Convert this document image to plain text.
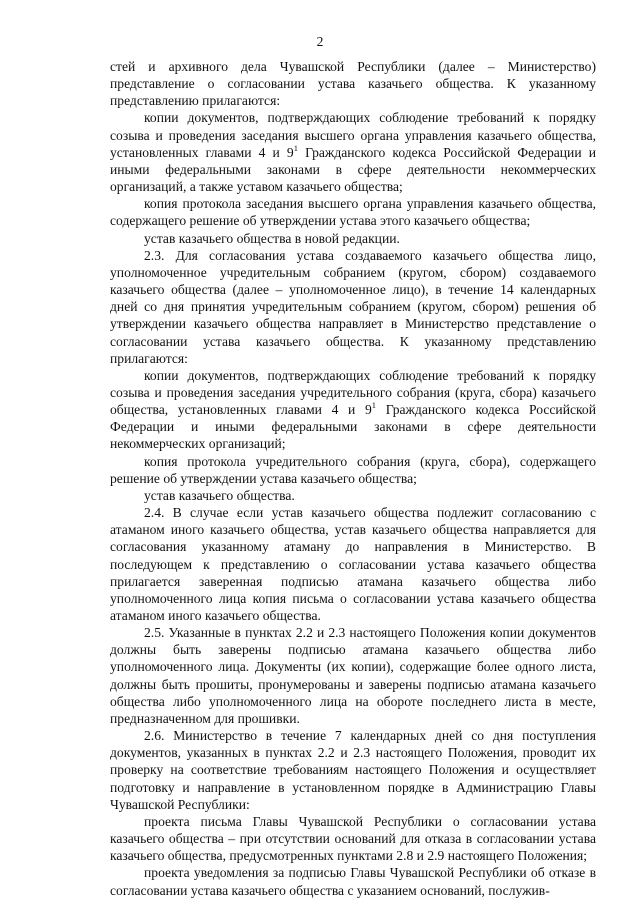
2

стей и архивного дела Чувашской Республики (далее – Министерство) представление о согласовании устава казачьего общества. К указанному представлению прилагаются:

копии документов, подтверждающих соблюдение требований к порядку созыва и проведения заседания высшего органа управления казачьего общества, установленных главами 4 и $9^1$ Гражданского кодекса Российской Федерации и иными федеральными законами в сфере деятельности некоммерческих организаций, а также уставом казачьего общества;

копия протокола заседания высшего органа управления казачьего общества, содержащего решение об утверждении устава этого казачьего общества;

устав казачьего общества в новой редакции.

2.3. Для согласования устава создаваемого казачьего общества лицо, уполномоченное учредительным собранием (кругом, сбором) создаваемого казачьего общества (далее – уполномоченное лицо), в течение 14 календарных дней со дня принятия учредительным собранием (кругом, сбором) решения об утверждении казачьего общества направляет в Министерство представление о согласовании устава казачьего общества. К указанному представлению прилагаются:

копии документов, подтверждающих соблюдение требований к порядку созыва и проведения заседания учредительного собрания (круга, сбора) казачьего общества, установленных главами 4 и $9^1$ Гражданского кодекса Российской Федерации и иными федеральными законами в сфере деятельности некоммерческих организаций;

копия протокола учредительного собрания (круга, сбора), содержащего решение об утверждении устава казачьего общества;

устав казачьего общества.

2.4. В случае если устав казачьего общества подлежит согласованию с атаманом иного казачьего общества, устав казачьего общества направляется для согласования указанному атаману до направления в Министерство. В последующем к представлению о согласовании устава казачьего общества прилагается заверенная подписью атамана казачьего общества либо уполномоченного лица копия письма о согласовании устава казачьего общества атаманом иного казачьего общества.

2.5. Указанные в пунктах 2.2 и 2.3 настоящего Положения копии документов должны быть заверены подписью атамана казачьего общества либо уполномоченного лица. Документы (их копии), содержащие более одного листа, должны быть прошиты, пронумерованы и заверены подписью атамана казачьего общества либо уполномоченного лица на обороте последнего листа в месте, предназначенном для прошивки.

2.6. Министерство в течение 7 календарных дней со дня поступления документов, указанных в пунктах 2.2 и 2.3 настоящего Положения, проводит их проверку на соответствие требованиям настоящего Положения и осуществляет подготовку и направление в установленном порядке в Администрацию Главы Чувашской Республики:

проекта письма Главы Чувашской Республики о согласовании устава казачьего общества – при отсутствии оснований для отказа в согласовании устава казачьего общества, предусмотренных пунктами 2.8 и 2.9 настоящего Положения;

проекта уведомления за подписью Главы Чувашской Республики об отказе в согласовании устава казачьего общества с указанием оснований, послужив-
